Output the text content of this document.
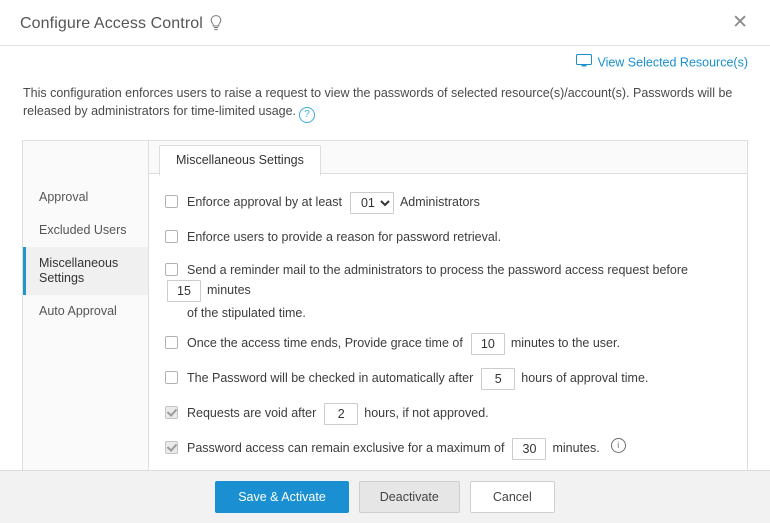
Configure Access Control	✕
View Selected Resource(s)
This configuration enforces users to raise a request to view the passwords of selected resource(s)/account(s). Passwords will be released by administrators for time-limited usage. ?
Approval
Excluded Users
Miscellaneous Settings
Auto Approval
Miscellaneous Settings
Enforce approval by at least
01	Administrators
Enforce users to provide a reason for password retrieval.
Send a reminder mail to the administrators to process the password access request before
15
minutes
of the stipulated time.
Once the access time ends, Provide grace time of
10	minutes to the user.
The Password will be checked in automatically after
5	hours of approval time.
Requests are void after
2	hours, if not approved.
Password access can remain exclusive for a maximum of
30	minutes.	i
Save & Activate	Deactivate	Cancel
